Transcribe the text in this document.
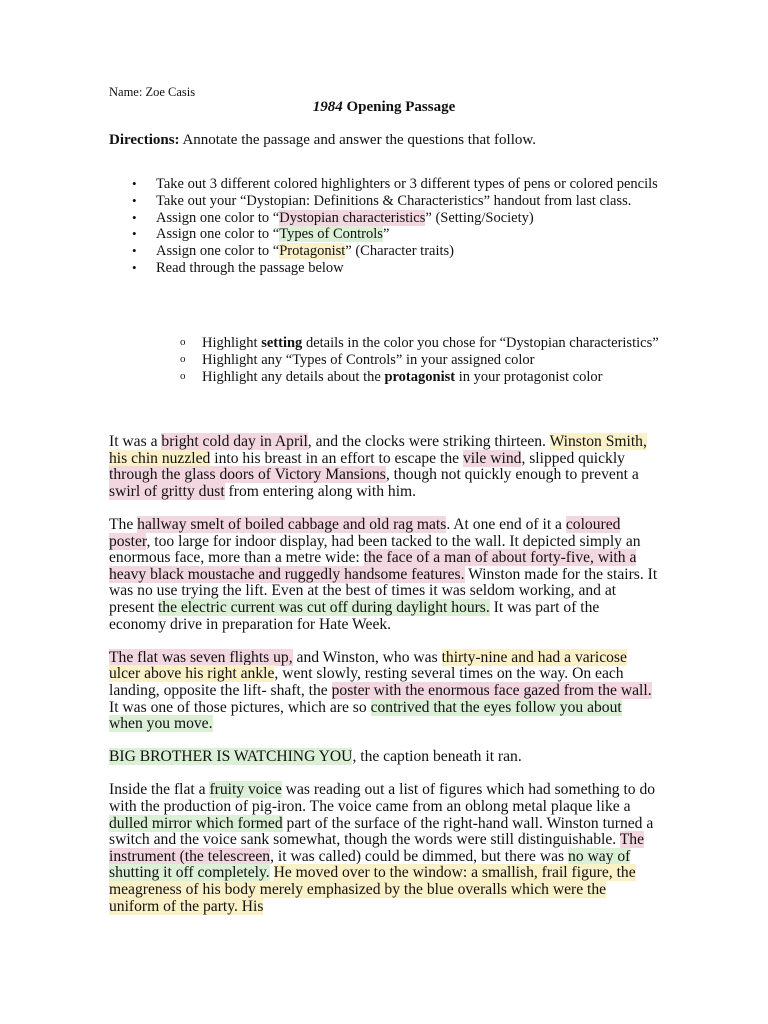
Name: Zoe Casis
1984 Opening Passage
Directions: Annotate the passage and answer the questions that follow.
• Take out 3 different colored highlighters or 3 different types of pens or colored pencils
• Take out your “Dystopian: Definitions & Characteristics” handout from last class.
• Assign one color to “Dystopian characteristics” (Setting/Society)
• Assign one color to “Types of Controls”
• Assign one color to “Protagonist” (Character traits)
• Read through the passage below
o Highlight setting details in the color you chose for “Dystopian characteristics”
o Highlight any “Types of Controls” in your assigned color
o Highlight any details about the protagonist in your protagonist color

It was a bright cold day in April, and the clocks were striking thirteen. Winston Smith, his chin nuzzled into his breast in an effort to escape the vile wind, slipped quickly through the glass doors of Victory Mansions, though not quickly enough to prevent a swirl of gritty dust from entering along with him.

The hallway smelt of boiled cabbage and old rag mats. At one end of it a coloured poster, too large for indoor display, had been tacked to the wall. It depicted simply an enormous face, more than a metre wide: the face of a man of about forty-five, with a heavy black moustache and ruggedly handsome features. Winston made for the stairs. It was no use trying the lift. Even at the best of times it was seldom working, and at present the electric current was cut off during daylight hours. It was part of the economy drive in preparation for Hate Week.

The flat was seven flights up, and Winston, who was thirty-nine and had a varicose ulcer above his right ankle, went slowly, resting several times on the way. On each landing, opposite the lift- shaft, the poster with the enormous face gazed from the wall. It was one of those pictures, which are so contrived that the eyes follow you about when you move.

BIG BROTHER IS WATCHING YOU, the caption beneath it ran.

Inside the flat a fruity voice was reading out a list of figures which had something to do with the production of pig-iron. The voice came from an oblong metal plaque like a dulled mirror which formed part of the surface of the right-hand wall. Winston turned a switch and the voice sank somewhat, though the words were still distinguishable. The instrument (the telescreen, it was called) could be dimmed, but there was no way of shutting it off completely. He moved over to the window: a smallish, frail figure, the meagreness of his body merely emphasized by the blue overalls which were the uniform of the party. His
